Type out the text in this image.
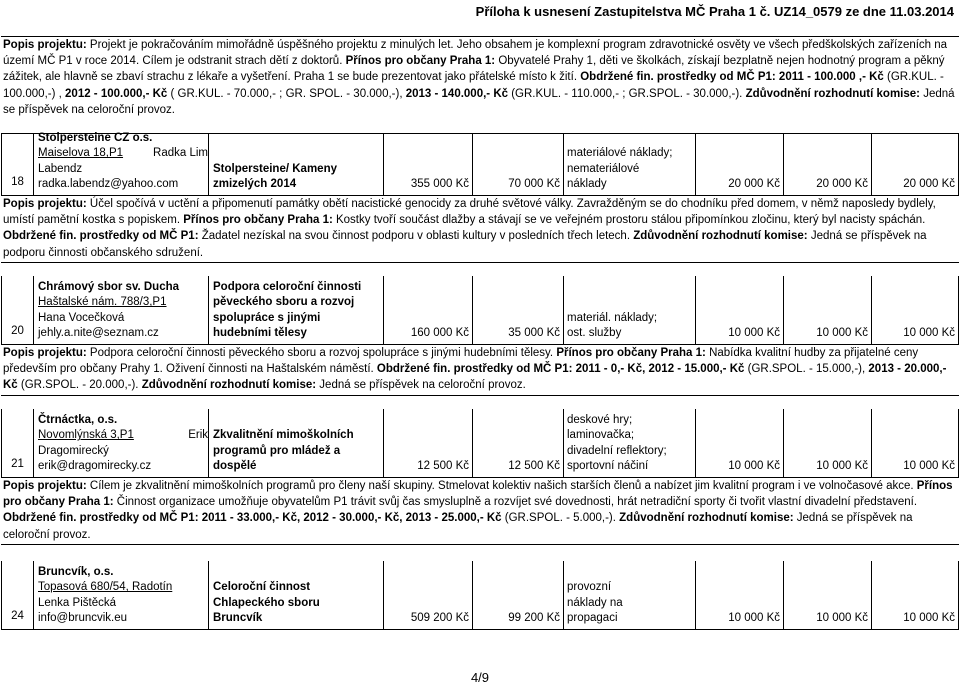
Příloha k usnesení Zastupitelstva MČ Praha 1 č. UZ14_0579 ze dne 11.03.2014
Popis projektu: Projekt je pokračováním mimořádně úspěšného projektu z minulých let. Jeho obsahem je komplexní program zdravotnické osvěty ve všech předškolských zařízeních na území MČ P1 v roce 2014. Cílem je odstranit strach dětí z doktorů. Přínos pro občany Praha 1: Obyvatelé Prahy 1, děti ve školkách, získají bezplatně nejen hodnotný program a pěkný zážitek, ale hlavně se zbaví strachu z lékaře a vyšetření. Praha 1 se bude prezentovat jako přátelské místo k žití. Obdržené fin. prostředky od MČ P1: 2011 - 100.000 ,- Kč (GR.KUL. - 100.000,-) , 2012 - 100.000,- Kč ( GR.KUL. - 70.000,- ; GR. SPOL. - 30.000,-), 2013 - 140.000,- Kč (GR.KUL. - 110.000,- ; GR.SPOL. - 30.000,-). Zdůvodnění rozhodnutí komise: Jedná se příspěvek na celoroční provoz.
18
Stolpersteine CZ o.s.
Maiselova 18,P1	Radka Lim
Labendz
radka.labendz@yahoo.com
Stolpersteine/ Kameny
zmizelých 2014	355 000 Kč	70 000 Kč
materiálové náklady;
nemateriálové
náklady	20 000 Kč	20 000 Kč	20 000 Kč
Popis projektu: Účel spočívá v uctění a připomenutí památky obětí nacistické genocidy za druhé světové války. Zavražděným se do chodníku před domem, v němž naposledy bydlely, umístí pamětní kostka s popiskem. Přínos pro občany Praha 1: Kostky tvoří součást dlažby a stávají se ve veřejném prostoru stálou připomínkou zločinu, který byl nacisty spáchán. Obdržené fin. prostředky od MČ P1: Žadatel nezískal na svou činnost podporu v oblasti kultury v posledních třech letech. Zdůvodnění rozhodnutí komise: Jedná se příspěvek na podporu činnosti občanského sdružení.
20
Chrámový sbor sv. Ducha
Haštalské nám. 788/3,P1
Hana Vocečková
jehly.a.nite@seznam.cz
Podpora celoroční činnosti
pěveckého sboru a rozvoj
spolupráce s jinými
hudebními tělesy	160 000 Kč	35 000 Kč
materiál. náklady;
ost. služby	10 000 Kč	10 000 Kč	10 000 Kč
Popis projektu: Podpora celoroční činnosti pěveckého sboru a rozvoj spolupráce s jinými hudebními tělesy. Přínos pro občany Praha 1: Nabídka kvalitní hudby za přijatelné ceny především pro občany Prahy 1. Oživení činnosti na Haštalském náměstí. Obdržené fin. prostředky od MČ P1: 2011 - 0,- Kč, 2012 - 15.000,- Kč (GR.SPOL. - 15.000,-), 2013 - 20.000,- Kč (GR.SPOL. - 20.000,-). Zdůvodnění rozhodnutí komise: Jedná se příspěvek na celoroční provoz.
21
Čtrnáctka, o.s.
Novomlýnská 3,P1	Erik
Dragomirecký
erik@dragomirecky.cz
Zkvalitnění mimoškolních
programů pro mládež a
dospělé	12 500 Kč	12 500 Kč
deskové hry;
laminovačka;
divadelní reflektory;
sportovní náčiní	10 000 Kč	10 000 Kč	10 000 Kč
Popis projektu: Cílem je zkvalitnění mimoškolních programů pro členy naší skupiny. Stmelovat kolektiv našich starších členů a nabízet jim kvalitní program i ve volnočasové akce. Přínos pro občany Praha 1: Činnost organizace umožňuje obyvatelům P1 trávit svůj čas smysluplně a rozvíjet své dovednosti, hrát netradiční sporty či tvořit vlastní divadelní představení. Obdržené fin. prostředky od MČ P1: 2011 - 33.000,- Kč, 2012 - 30.000,- Kč, 2013 - 25.000,- Kč (GR.SPOL. - 5.000,-). Zdůvodnění rozhodnutí komise: Jedná se příspěvek na celoroční provoz.
24
Bruncvík, o.s.
Topasová 680/54, Radotín
Lenka Pištěcká
info@bruncvik.eu
Celoroční činnost
Chlapeckého sboru
Bruncvík	509 200 Kč	99 200 Kč
provozní
náklady na
propagaci	10 000 Kč	10 000 Kč	10 000 Kč
4/9
